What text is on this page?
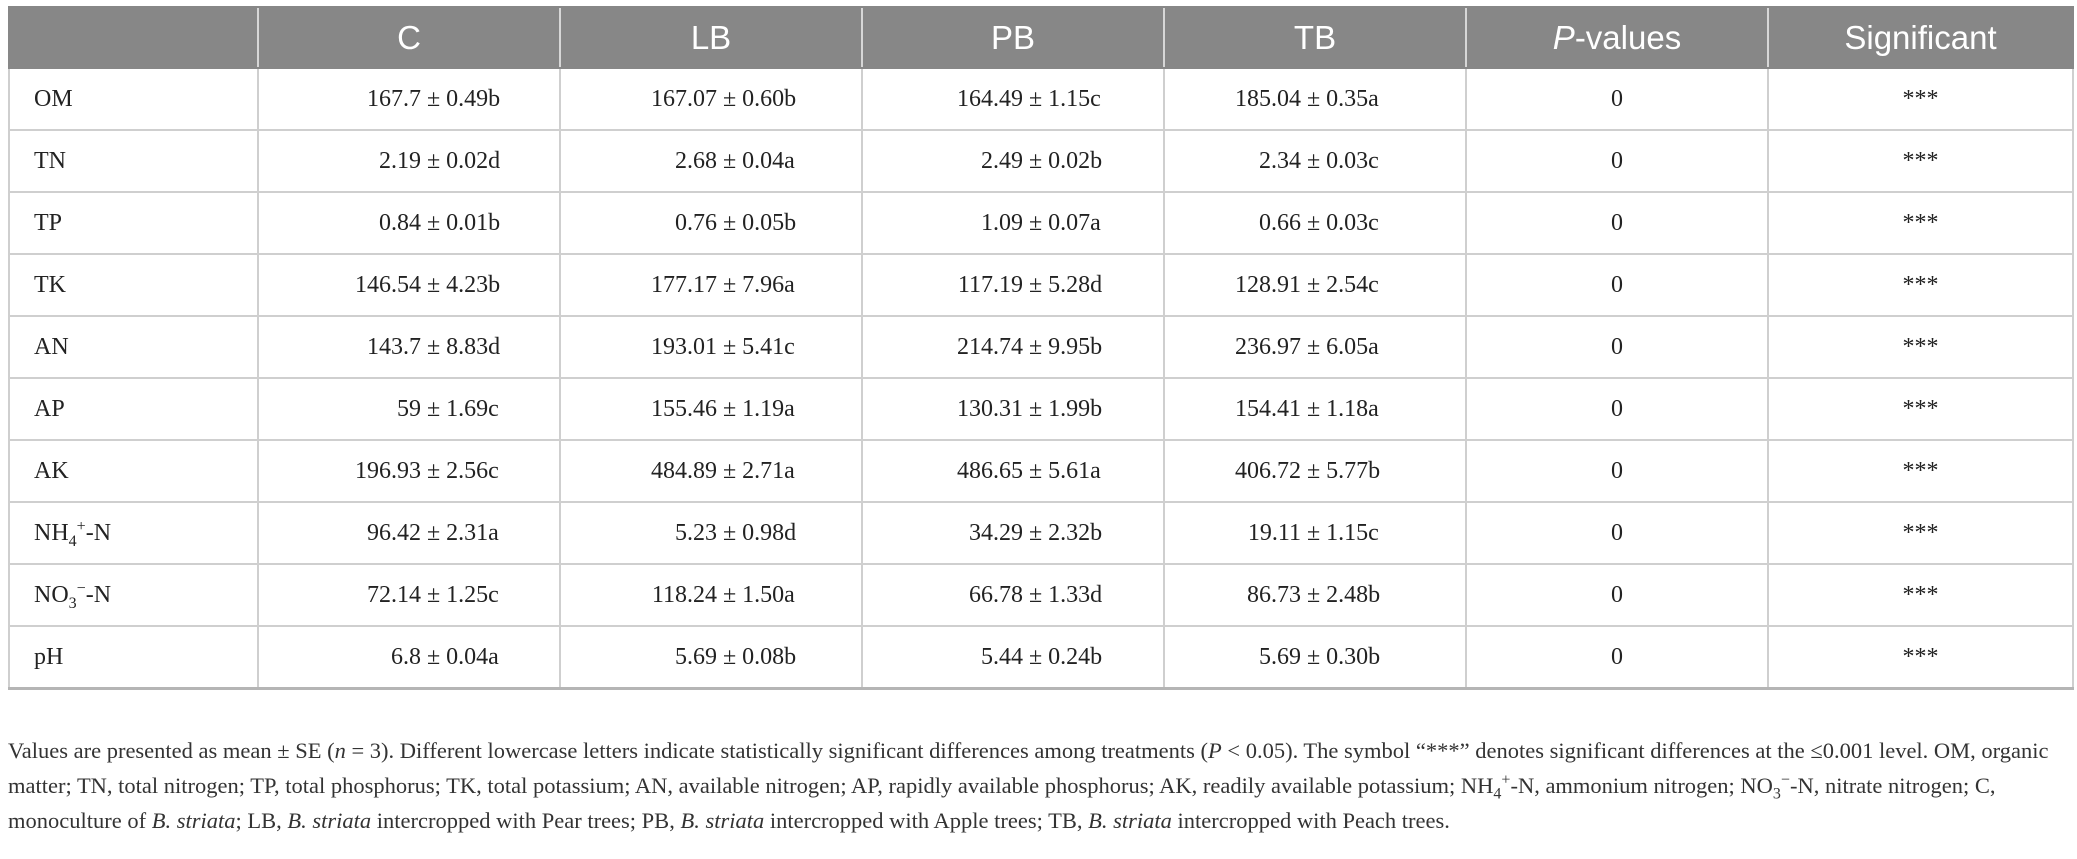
	C	LB	PB	TB	P-values	Significant
OM	167.7 ± 0.49b	167.07 ± 0.60b	164.49 ± 1.15c	185.04 ± 0.35a	0	***
TN	2.19 ± 0.02d	2.68 ± 0.04a	2.49 ± 0.02b	2.34 ± 0.03c	0	***
TP	0.84 ± 0.01b	0.76 ± 0.05b	1.09 ± 0.07a	0.66 ± 0.03c	0	***
TK	146.54 ± 4.23b	177.17 ± 7.96a	117.19 ± 5.28d	128.91 ± 2.54c	0	***
AN	143.7 ± 8.83d	193.01 ± 5.41c	214.74 ± 9.95b	236.97 ± 6.05a	0	***
AP	59 ± 1.69c	155.46 ± 1.19a	130.31 ± 1.99b	154.41 ± 1.18a	0	***
AK	196.93 ± 2.56c	484.89 ± 2.71a	486.65 ± 5.61a	406.72 ± 5.77b	0	***
$NH_4^+-N$	96.42 ± 2.31a	5.23 ± 0.98d	34.29 ± 2.32b	19.11 ± 1.15c	0	***
$NO_3^--N$	72.14 ± 1.25c	118.24 ± 1.50a	66.78 ± 1.33d	86.73 ± 2.48b	0	***
pH	6.8 ± 0.04a	5.69 ± 0.08b	5.44 ± 0.24b	5.69 ± 0.30b	0	***

Values are presented as mean ± SE (n = 3). Different lowercase letters indicate statistically significant differences among treatments (P < 0.05). The symbol “***” denotes significant differences at the ≤0.001 level. OM, organic matter; TN, total nitrogen; TP, total phosphorus; TK, total potassium; AN, available nitrogen; AP, rapidly available phosphorus; AK, readily available potassium; $NH_4^+-N$, ammonium nitrogen; $NO_3^--N$, nitrate nitrogen; C, monoculture of B. striata; LB, B. striata intercropped with Pear trees; PB, B. striata intercropped with Apple trees; TB, B. striata intercropped with Peach trees.
